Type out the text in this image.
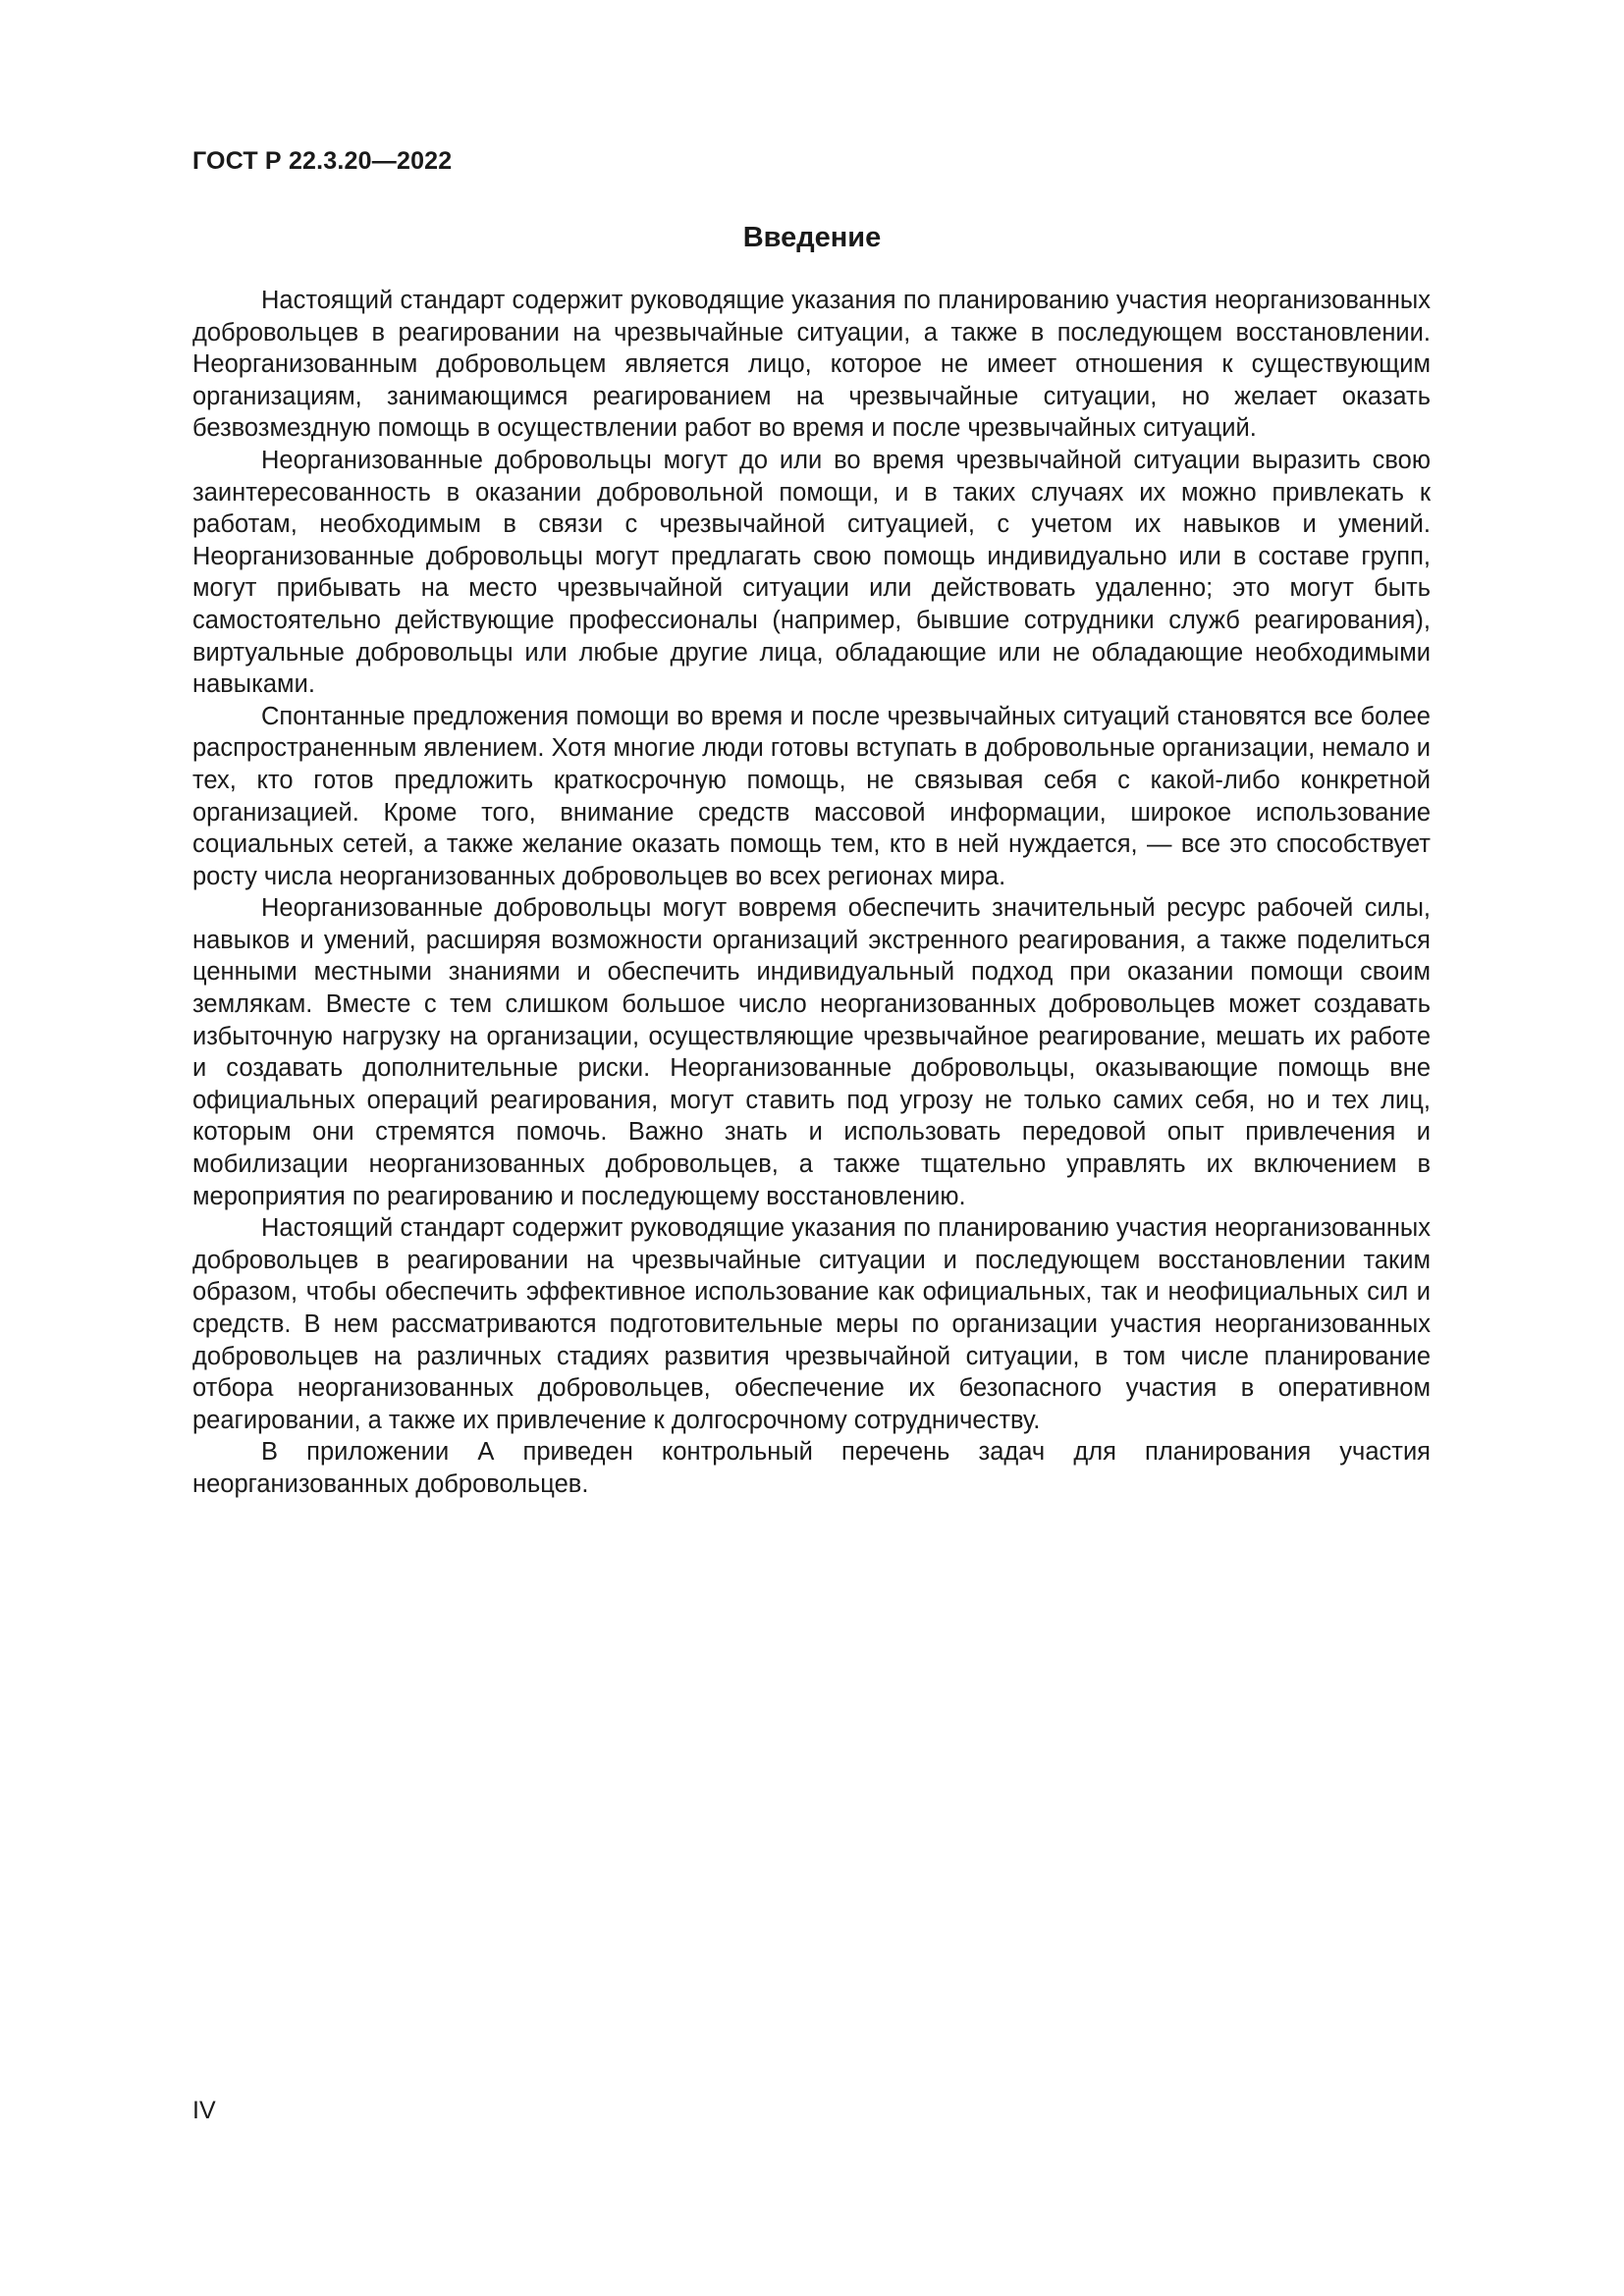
ГОСТ Р 22.3.20—2022
Введение

Настоящий стандарт содержит руководящие указания по планированию участия неорганизованных добровольцев в реагировании на чрезвычайные ситуации, а также в последующем восстановлении. Неорганизованным добровольцем является лицо, которое не имеет отношения к существующим организациям, занимающимся реагированием на чрезвычайные ситуации, но желает оказать безвозмездную помощь в осуществлении работ во время и после чрезвычайных ситуаций.

Неорганизованные добровольцы могут до или во время чрезвычайной ситуации выразить свою заинтересованность в оказании добровольной помощи, и в таких случаях их можно привлекать к работам, необходимым в связи с чрезвычайной ситуацией, с учетом их навыков и умений. Неорганизованные добровольцы могут предлагать свою помощь индивидуально или в составе групп, могут прибывать на место чрезвычайной ситуации или действовать удаленно; это могут быть самостоятельно действующие профессионалы (например, бывшие сотрудники служб реагирования), виртуальные добровольцы или любые другие лица, обладающие или не обладающие необходимыми навыками.

Спонтанные предложения помощи во время и после чрезвычайных ситуаций становятся все более распространенным явлением. Хотя многие люди готовы вступать в добровольные организации, немало и тех, кто готов предложить краткосрочную помощь, не связывая себя с какой-либо конкретной организацией. Кроме того, внимание средств массовой информации, широкое использование социальных сетей, а также желание оказать помощь тем, кто в ней нуждается, — все это способствует росту числа неорганизованных добровольцев во всех регионах мира.

Неорганизованные добровольцы могут вовремя обеспечить значительный ресурс рабочей силы, навыков и умений, расширяя возможности организаций экстренного реагирования, а также поделиться ценными местными знаниями и обеспечить индивидуальный подход при оказании помощи своим землякам. Вместе с тем слишком большое число неорганизованных добровольцев может создавать избыточную нагрузку на организации, осуществляющие чрезвычайное реагирование, мешать их работе и создавать дополнительные риски. Неорганизованные добровольцы, оказывающие помощь вне официальных операций реагирования, могут ставить под угрозу не только самих себя, но и тех лиц, которым они стремятся помочь. Важно знать и использовать передовой опыт привлечения и мобилизации неорганизованных добровольцев, а также тщательно управлять их включением в мероприятия по реагированию и последующему восстановлению.

Настоящий стандарт содержит руководящие указания по планированию участия неорганизованных добровольцев в реагировании на чрезвычайные ситуации и последующем восстановлении таким образом, чтобы обеспечить эффективное использование как официальных, так и неофициальных сил и средств. В нем рассматриваются подготовительные меры по организации участия неорганизованных добровольцев на различных стадиях развития чрезвычайной ситуации, в том числе планирование отбора неорганизованных добровольцев, обеспечение их безопасного участия в оперативном реагировании, а также их привлечение к долгосрочному сотрудничеству.

В приложении А приведен контрольный перечень задач для планирования участия неорганизованных добровольцев.

IV
